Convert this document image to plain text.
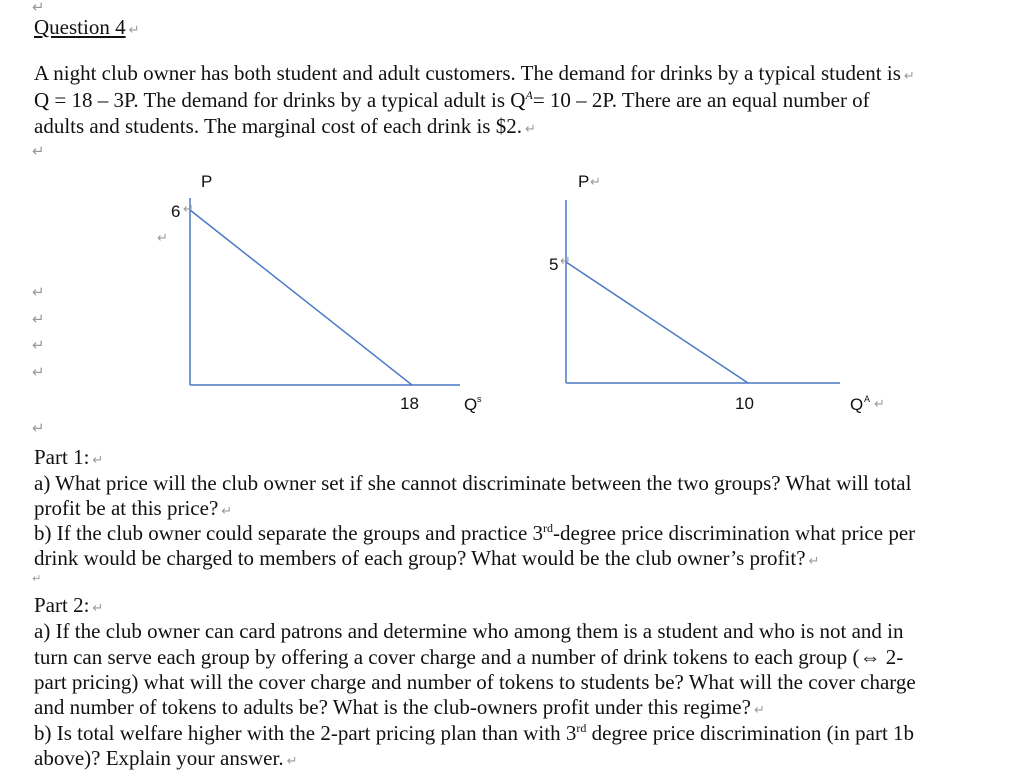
↵
Question 4 ↵
A night club owner has both student and adult customers. The demand for drinks by a typical student is ↵
Q = 18 – 3P. The demand for drinks by a typical adult is $Q^A= 10 - 2P$. There are an equal number of
adults and students. The marginal cost of each drink is $2. ↵
↵
P
6 ↵
↵
18	Q s
P ↵
5 ↵
10	Q A ↵
↵
↵
↵
↵
↵
Part 1: ↵
a) What price will the club owner set if she cannot discriminate between the two groups? What will total
profit be at this price? ↵
b) If the club owner could separate the groups and practice 3rd-degree price discrimination what price per
drink would be charged to members of each group? What would be the club owner’s profit? ↵
↵
Part 2: ↵
a) If the club owner can card patrons and determine who among them is a student and who is not and in
turn can serve each group by offering a cover charge and a number of drink tokens to each group (⇔ 2-
part pricing) what will the cover charge and number of tokens to students be? What will the cover charge
and number of tokens to adults be? What is the club-owners profit under this regime? ↵
b) Is total welfare higher with the 2-part pricing plan than with 3rd degree price discrimination (in part 1b
above)? Explain your answer. ↵
